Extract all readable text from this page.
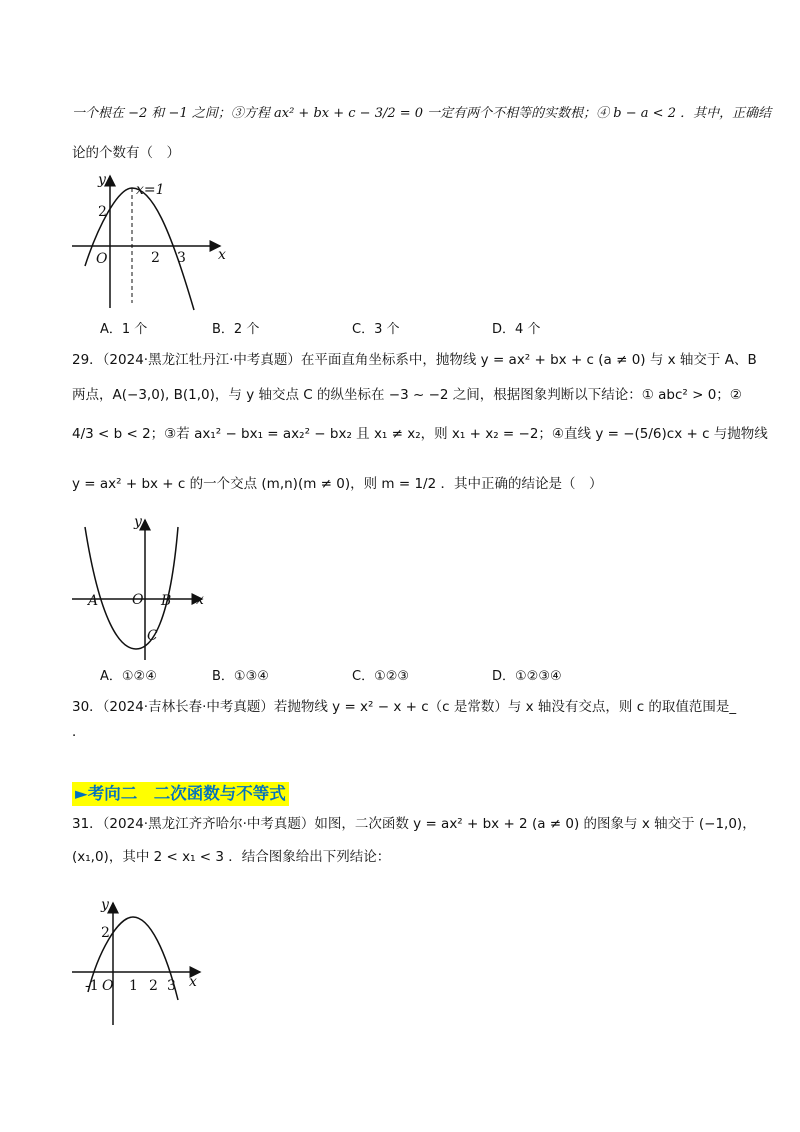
一个根在 −2 和 −1 之间；③方程 ax² + bx + c − 3/2 = 0 一定有两个不相等的实数根；④ b − a < 2 ．其中，正确结
论的个数有（　）
y
x
O
2
x=1
2 3
A．1 个	B．2 个	C．3 个	D．4 个
29．（2024·黑龙江牡丹江·中考真题）在平面直角坐标系中，抛物线 y = ax² + bx + c (a ≠ 0) 与 x 轴交于 A、B
两点，A(−3,0), B(1,0)，与 y 轴交点 C 的纵坐标在 −3 ~ −2 之间，根据图象判断以下结论：① abc² > 0；②
4/3 < b < 2；③若 ax₁² − bx₁ = ax₂² − bx₂ 且 x₁ ≠ x₂，则 x₁ + x₂ = −2；④直线 y = −(5/6)cx + c 与抛物线
y = ax² + bx + c 的一个交点 (m,n)(m ≠ 0)，则 m = 1/2 ．其中正确的结论是（　）
y
x
O
A	B
C
A．①②④	B．①③④	C．①②③	D．①②③④
30．（2024·吉林长春·中考真题）若抛物线 y = x² − x + c（c 是常数）与 x 轴没有交点，则 c 的取值范围是_
．
►考向二　二次函数与不等式
31．（2024·黑龙江齐齐哈尔·中考真题）如图，二次函数 y = ax² + bx + 2 (a ≠ 0) 的图象与 x 轴交于 (−1,0)，
(x₁,0)，其中 2 < x₁ < 3 ．结合图象给出下列结论：
y
x
2
-1 O 1 2 3
